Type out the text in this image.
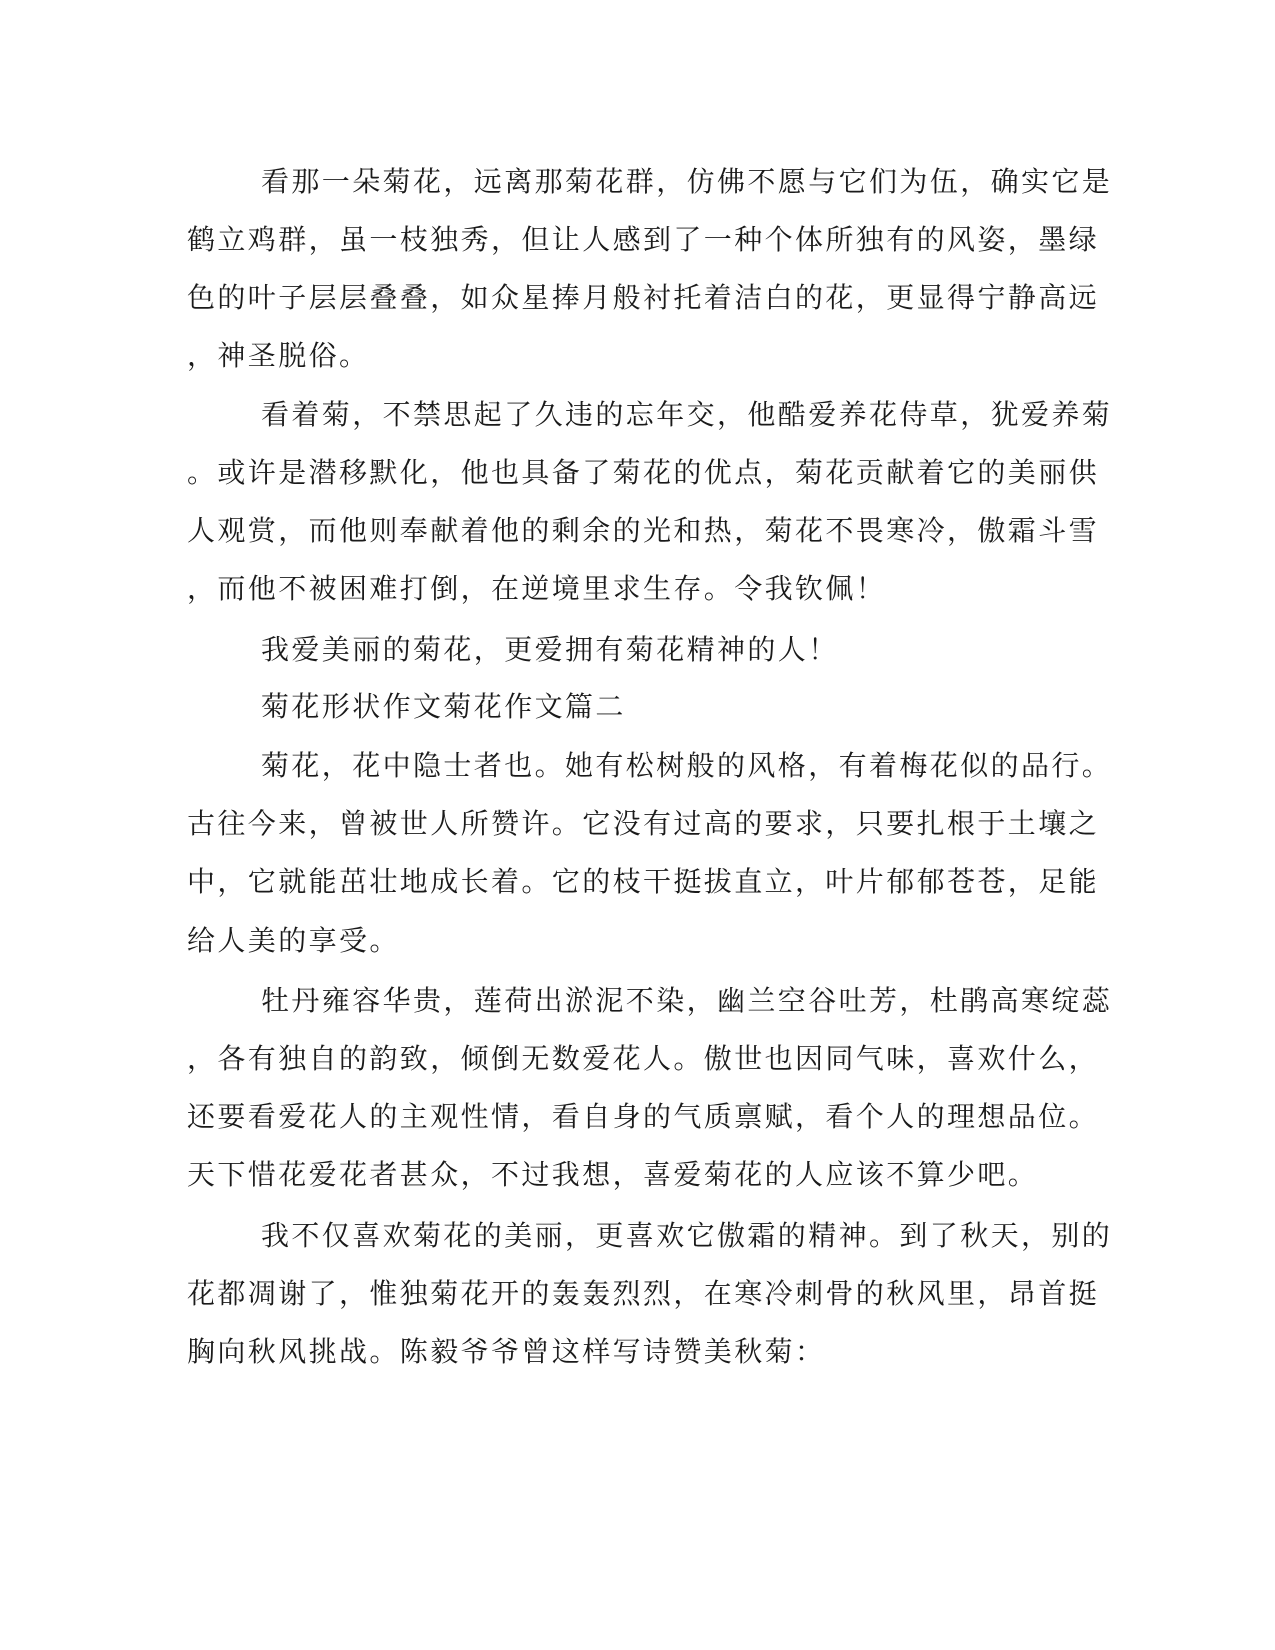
看那一朵菊花，远离那菊花群，仿佛不愿与它们为伍，确实它是
鹤立鸡群，虽一枝独秀，但让人感到了一种个体所独有的风姿，墨绿
色的叶子层层叠叠，如众星捧月般衬托着洁白的花，更显得宁静高远
，神圣脱俗。
看着菊，不禁思起了久违的忘年交，他酷爱养花侍草，犹爱养菊
。或许是潜移默化，他也具备了菊花的优点，菊花贡献着它的美丽供
人观赏，而他则奉献着他的剩余的光和热，菊花不畏寒冷，傲霜斗雪
，而他不被困难打倒，在逆境里求生存。令我钦佩！
我爱美丽的菊花，更爱拥有菊花精神的人！
菊花形状作文菊花作文篇二
菊花，花中隐士者也。她有松树般的风格，有着梅花似的品行。
古往今来，曾被世人所赞许。它没有过高的要求，只要扎根于土壤之
中，它就能茁壮地成长着。它的枝干挺拔直立，叶片郁郁苍苍，足能
给人美的享受。
牡丹雍容华贵，莲荷出淤泥不染，幽兰空谷吐芳，杜鹃高寒绽蕊
，各有独自的韵致，倾倒无数爱花人。傲世也因同气味，喜欢什么，
还要看爱花人的主观性情，看自身的气质禀赋，看个人的理想品位。
天下惜花爱花者甚众，不过我想，喜爱菊花的人应该不算少吧。
我不仅喜欢菊花的美丽，更喜欢它傲霜的精神。到了秋天，别的
花都凋谢了，惟独菊花开的轰轰烈烈，在寒冷刺骨的秋风里，昂首挺
胸向秋风挑战。陈毅爷爷曾这样写诗赞美秋菊：
